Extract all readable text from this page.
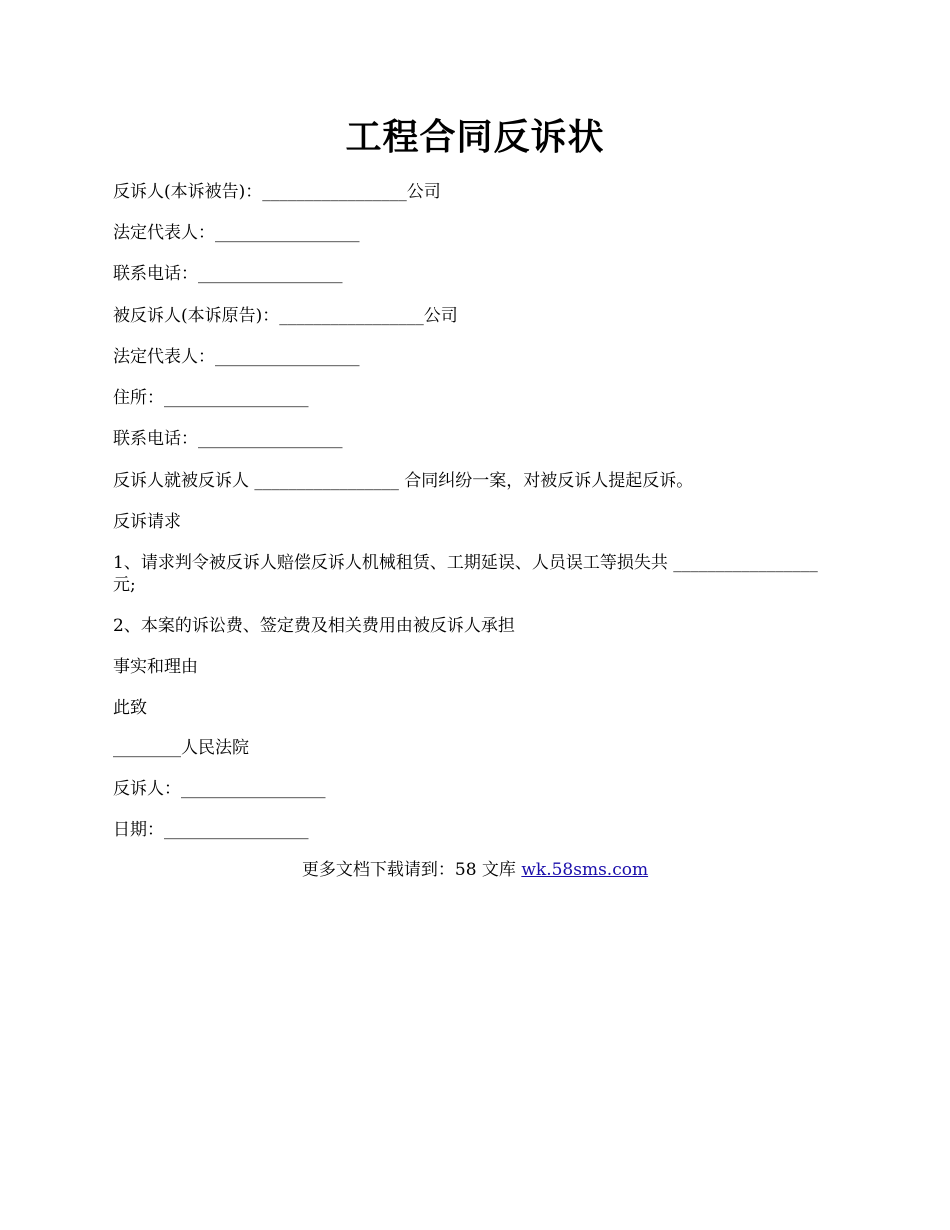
工程合同反诉状
反诉人(本诉被告)：_________________公司
法定代表人：_________________
联系电话：_________________
被反诉人(本诉原告)：_________________公司
法定代表人：_________________
住所：_________________
联系电话：_________________
反诉人就被反诉人 _________________ 合同纠纷一案，对被反诉人提起反诉。
反诉请求
1、请求判令被反诉人赔偿反诉人机械租赁、工期延误、人员误工等损失共 _________________ 元;
2、本案的诉讼费、签定费及相关费用由被反诉人承担
事实和理由
此致
________人民法院
反诉人：_________________
日期：_________________
更多文档下载请到：58 文库 wk.58sms.com
